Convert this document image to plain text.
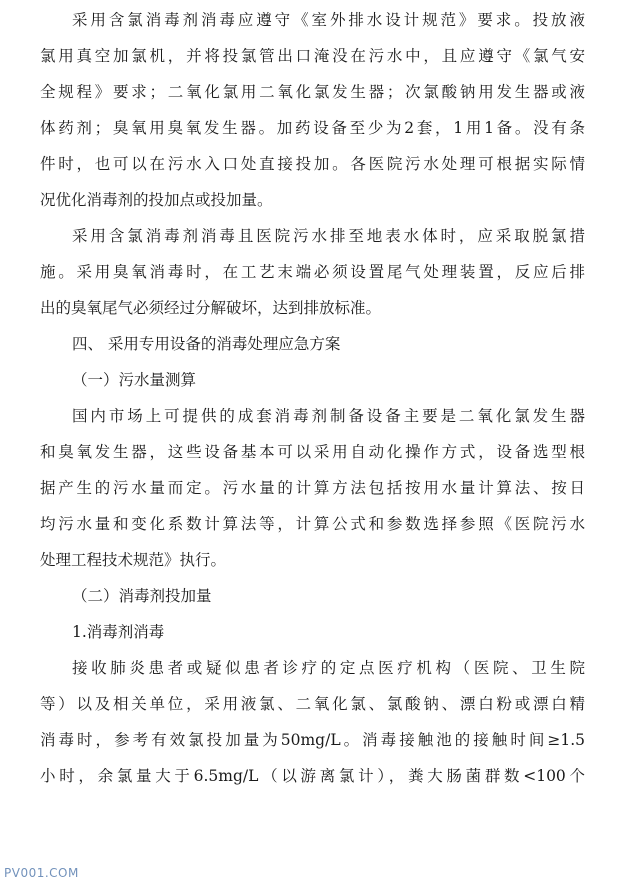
采用含氯消毒剂消毒应遵守《室外排水设计规范》要求。投放液
氯用真空加氯机，并将投氯管出口淹没在污水中，且应遵守《氯气安
全规程》要求；二氧化氯用二氧化氯发生器；次氯酸钠用发生器或液
体药剂；臭氧用臭氧发生器。加药设备至少为2套，1用1备。没有条
件时，也可以在污水入口处直接投加。各医院污水处理可根据实际情
况优化消毒剂的投加点或投加量。
采用含氯消毒剂消毒且医院污水排至地表水体时，应采取脱氯措
施。采用臭氧消毒时，在工艺末端必须设置尾气处理装置，反应后排
出的臭氧尾气必须经过分解破坏，达到排放标准。
四、 采用专用设备的消毒处理应急方案
（一）污水量测算
国内市场上可提供的成套消毒剂制备设备主要是二氧化氯发生器
和臭氧发生器，这些设备基本可以采用自动化操作方式，设备选型根
据产生的污水量而定。污水量的计算方法包括按用水量计算法、按日
均污水量和变化系数计算法等，计算公式和参数选择参照《医院污水
处理工程技术规范》执行。
（二）消毒剂投加量
1.消毒剂消毒
接收肺炎患者或疑似患者诊疗的定点医疗机构（医院、卫生院
等）以及相关单位，采用液氯、二氧化氯、氯酸钠、漂白粉或漂白精
消毒时，参考有效氯投加量为50mg/L。消毒接触池的接触时间≥1.5
小时，余氯量大于6.5mg/L（以游离氯计），粪大肠菌群数<100个
PV001.COM
